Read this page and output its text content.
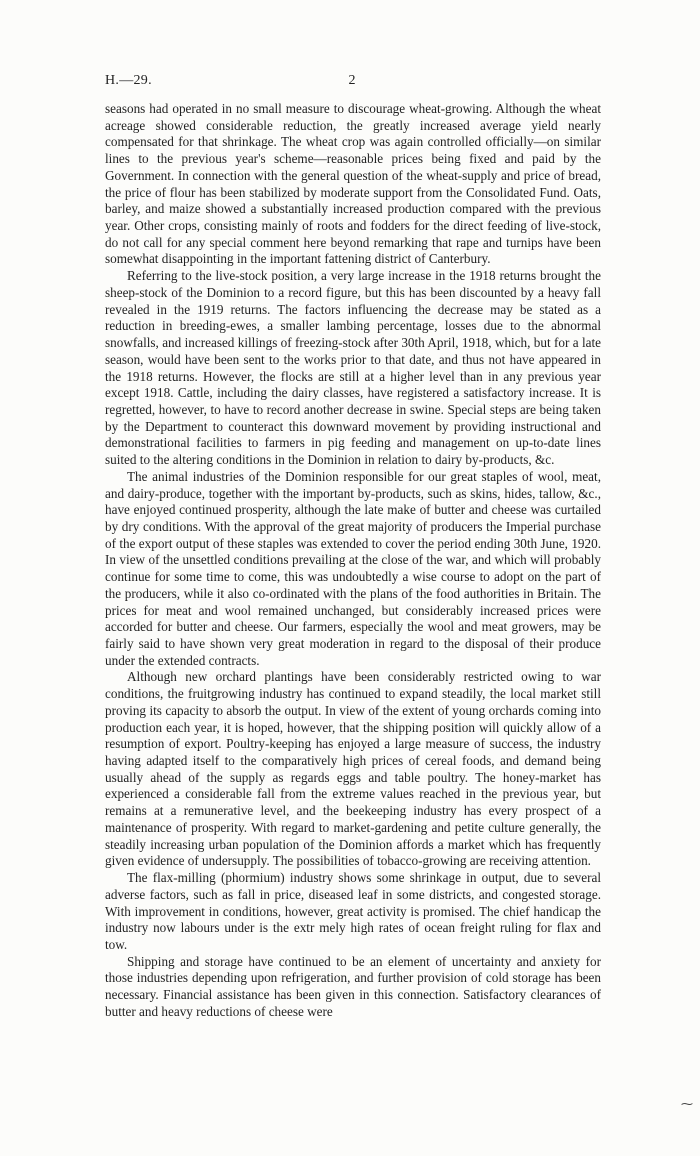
H.—29.	2

seasons had operated in no small measure to discourage wheat-growing. Although the wheat acreage showed considerable reduction, the greatly increased average yield nearly compensated for that shrinkage. The wheat crop was again controlled officially—on similar lines to the previous year's scheme—reasonable prices being fixed and paid by the Government. In connection with the general question of the wheat-supply and price of bread, the price of flour has been stabilized by moderate support from the Consolidated Fund. Oats, barley, and maize showed a substantially increased production compared with the previous year. Other crops, consisting mainly of roots and fodders for the direct feeding of live-stock, do not call for any special comment here beyond remarking that rape and turnips have been somewhat disappointing in the important fattening district of Canterbury.

Referring to the live-stock position, a very large increase in the 1918 returns brought the sheep-stock of the Dominion to a record figure, but this has been discounted by a heavy fall revealed in the 1919 returns. The factors influencing the decrease may be stated as a reduction in breeding-ewes, a smaller lambing percentage, losses due to the abnormal snowfalls, and increased killings of freezing-stock after 30th April, 1918, which, but for a late season, would have been sent to the works prior to that date, and thus not have appeared in the 1918 returns. However, the flocks are still at a higher level than in any previous year except 1918. Cattle, including the dairy classes, have registered a satisfactory increase. It is regretted, however, to have to record another decrease in swine. Special steps are being taken by the Department to counteract this downward movement by providing instructional and demonstrational facilities to farmers in pig feeding and management on up-to-date lines suited to the altering conditions in the Dominion in relation to dairy by-products, &c.

The animal industries of the Dominion responsible for our great staples of wool, meat, and dairy-produce, together with the important by-products, such as skins, hides, tallow, &c., have enjoyed continued prosperity, although the late make of butter and cheese was curtailed by dry conditions. With the approval of the great majority of producers the Imperial purchase of the export output of these staples was extended to cover the period ending 30th June, 1920. In view of the unsettled conditions prevailing at the close of the war, and which will probably continue for some time to come, this was undoubtedly a wise course to adopt on the part of the producers, while it also co-ordinated with the plans of the food authorities in Britain. The prices for meat and wool remained unchanged, but considerably increased prices were accorded for butter and cheese. Our farmers, especially the wool and meat growers, may be fairly said to have shown very great moderation in regard to the disposal of their produce under the extended contracts.

Although new orchard plantings have been considerably restricted owing to war conditions, the fruitgrowing industry has continued to expand steadily, the local market still proving its capacity to absorb the output. In view of the extent of young orchards coming into production each year, it is hoped, however, that the shipping position will quickly allow of a resumption of export. Poultry-keeping has enjoyed a large measure of success, the industry having adapted itself to the comparatively high prices of cereal foods, and demand being usually ahead of the supply as regards eggs and table poultry. The honey-market has experienced a considerable fall from the extreme values reached in the previous year, but remains at a remunerative level, and the beekeeping industry has every prospect of a maintenance of prosperity. With regard to market-gardening and petite culture generally, the steadily increasing urban population of the Dominion affords a market which has frequently given evidence of undersupply. The possibilities of tobacco-growing are receiving attention.

The flax-milling (phormium) industry shows some shrinkage in output, due to several adverse factors, such as fall in price, diseased leaf in some districts, and congested storage. With improvement in conditions, however, great activity is promised. The chief handicap the industry now labours under is the extr mely high rates of ocean freight ruling for flax and tow.

Shipping and storage have continued to be an element of uncertainty and anxiety for those industries depending upon refrigeration, and further provision of cold storage has been necessary. Financial assistance has been given in this connection. Satisfactory clearances of butter and heavy reductions of cheese were

⁓
